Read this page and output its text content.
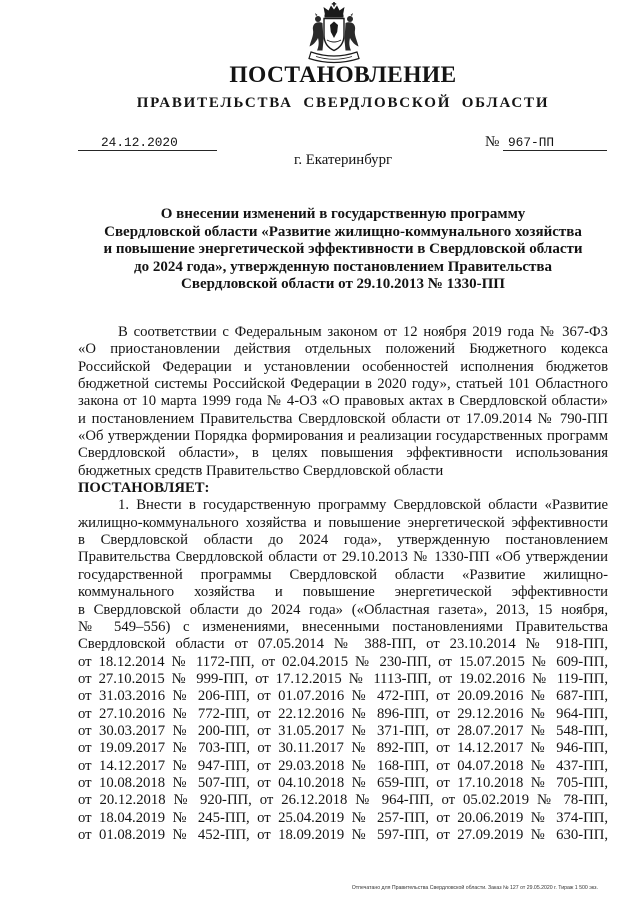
ПОСТАНОВЛЕНИЕ
ПРАВИТЕЛЬСТВА СВЕРДЛОВСКОЙ ОБЛАСТИ
24.12.2020	№ 967-ПП
г. Екатеринбург
О внесении изменений в государственную программу
Свердловской области «Развитие жилищно-коммунального хозяйства
и повышение энергетической эффективности в Свердловской области
до 2024 года», утвержденную постановлением Правительства
Свердловской области от 29.10.2013 № 1330-ПП
В соответствии с Федеральным законом от 12 ноября 2019 года № 367-ФЗ
«О приостановлении действия отдельных положений Бюджетного кодекса
Российской Федерации и установлении особенностей исполнения бюджетов
бюджетной системы Российской Федерации в 2020 году», статьей 101 Областного
закона от 10 марта 1999 года № 4-ОЗ «О правовых актах в Свердловской области»
и постановлением Правительства Свердловской области от 17.09.2014 № 790-ПП
«Об утверждении Порядка формирования и реализации государственных программ
Свердловской области», в целях повышения эффективности использования
бюджетных средств Правительство Свердловской области
ПОСТАНОВЛЯЕТ:
1. Внести в государственную программу Свердловской области «Развитие
жилищно-коммунального хозяйства и повышение энергетической эффективности
в Свердловской области до 2024 года», утвержденную постановлением
Правительства Свердловской области от 29.10.2013 № 1330-ПП «Об утверждении
государственной программы Свердловской области «Развитие жилищно-
коммунального хозяйства и повышение энергетической эффективности
в Свердловской области до 2024 года» («Областная газета», 2013, 15 ноября,
№ 549–556) с изменениями, внесенными постановлениями Правительства
Свердловской области от 07.05.2014 № 388-ПП, от 23.10.2014 № 918-ПП,
от 18.12.2014 № 1172-ПП, от 02.04.2015 № 230-ПП, от 15.07.2015 № 609-ПП,
от 27.10.2015 № 999-ПП, от 17.12.2015 № 1113-ПП, от 19.02.2016 № 119-ПП,
от 31.03.2016 № 206-ПП, от 01.07.2016 № 472-ПП, от 20.09.2016 № 687-ПП,
от 27.10.2016 № 772-ПП, от 22.12.2016 № 896-ПП, от 29.12.2016 № 964-ПП,
от 30.03.2017 № 200-ПП, от 31.05.2017 № 371-ПП, от 28.07.2017 № 548-ПП,
от 19.09.2017 № 703-ПП, от 30.11.2017 № 892-ПП, от 14.12.2017 № 946-ПП,
от 14.12.2017 № 947-ПП, от 29.03.2018 № 168-ПП, от 04.07.2018 № 437-ПП,
от 10.08.2018 № 507-ПП, от 04.10.2018 № 659-ПП, от 17.10.2018 № 705-ПП,
от 20.12.2018 № 920-ПП, от 26.12.2018 № 964-ПП, от 05.02.2019 № 78-ПП,
от 18.04.2019 № 245-ПП, от 25.04.2019 № 257-ПП, от 20.06.2019 № 374-ПП,
от 01.08.2019 № 452-ПП, от 18.09.2019 № 597-ПП, от 27.09.2019 № 630-ПП,
Отпечатано для Правительства Свердловской области. Заказ № 127 от 29.05.2020 г. Тираж 1 500 экз.
